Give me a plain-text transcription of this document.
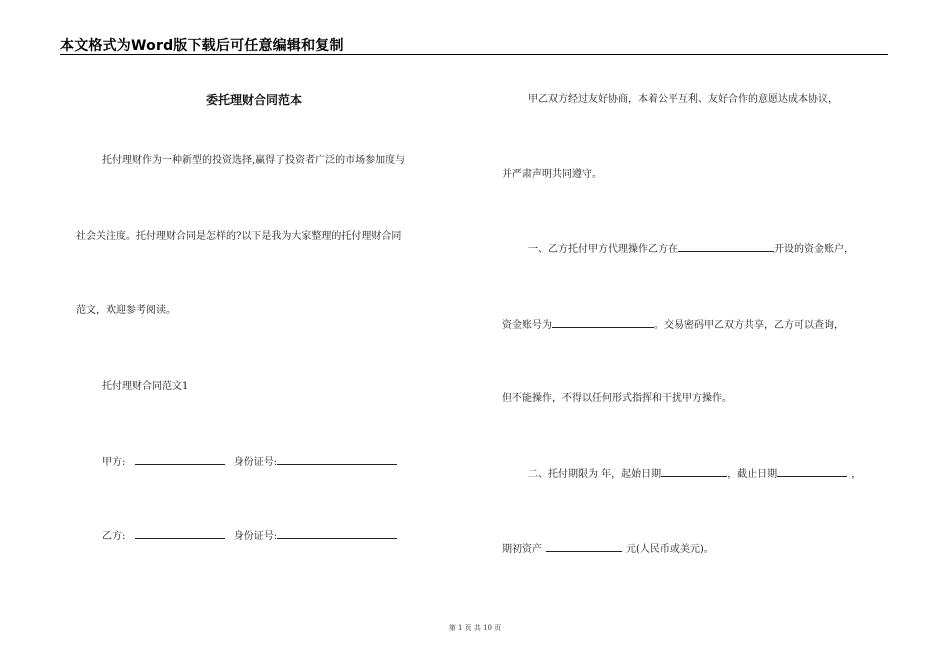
本文格式为Word版下载后可任意编辑和复制
委托理财合同范本
托付理财作为一种新型的投资选择,赢得了投资者广泛的市场参加度与
社会关注度。托付理财合同是怎样的?以下是我为大家整理的托付理财合同
范文，欢迎参考阅读。
托付理财合同范文1
甲方:	身份证号:
乙方:	身份证号:
甲乙双方经过友好协商，本着公平互利、友好合作的意愿达成本协议，
并严肃声明共同遵守。
一、乙方托付甲方代理操作乙方在	开设的资金账户，
资金账号为	。交易密码甲乙双方共享，乙方可以查询，
但不能操作，不得以任何形式指挥和干扰甲方操作。
二、托付期限为 年，起始日期	，截止日期	，
期初资产	元(人民币或美元)。
第 1 页 共 10 页
